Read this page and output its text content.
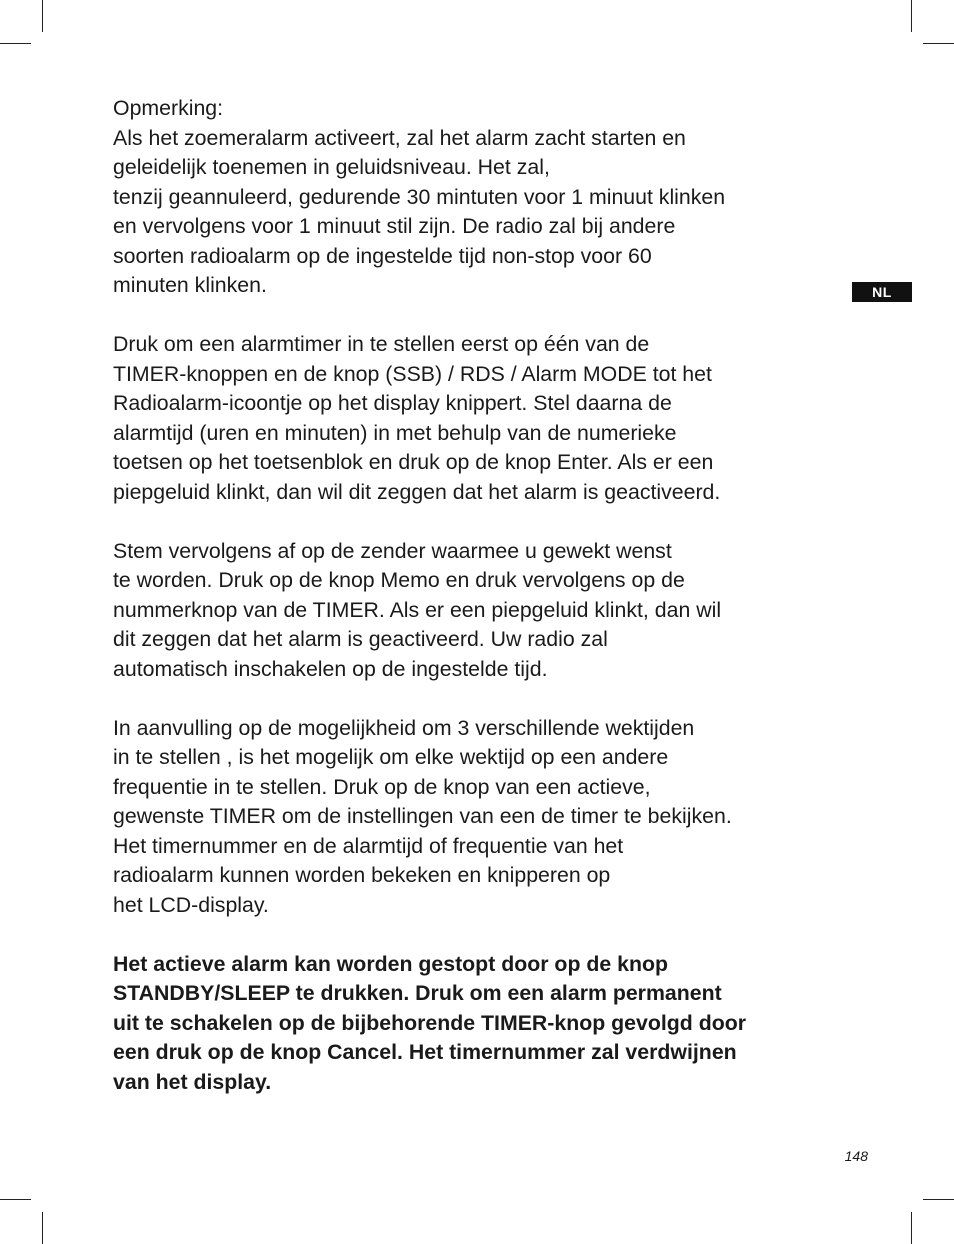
NL
Opmerking:
Als het zoemeralarm activeert, zal het alarm zacht starten en
geleidelijk toenemen in geluidsniveau. Het zal,
tenzij geannuleerd, gedurende 30 mintuten voor 1 minuut klinken
en vervolgens voor 1 minuut stil zijn. De radio zal bij andere
soorten radioalarm op de ingestelde tijd non-stop voor 60
minuten klinken.
Druk om een alarmtimer in te stellen eerst op één van de
TIMER-knoppen en de knop (SSB) / RDS / Alarm MODE tot het
Radioalarm-icoontje op het display knippert. Stel daarna de
alarmtijd (uren en minuten) in met behulp van de numerieke
toetsen op het toetsenblok en druk op de knop Enter. Als er een
piepgeluid klinkt, dan wil dit zeggen dat het alarm is geactiveerd.
Stem vervolgens af op de zender waarmee u gewekt wenst
te worden. Druk op de knop Memo en druk vervolgens op de
nummerknop van de TIMER. Als er een piepgeluid klinkt, dan wil
dit zeggen dat het alarm is geactiveerd. Uw radio zal
automatisch inschakelen op de ingestelde tijd.
In aanvulling op de mogelijkheid om 3 verschillende wektijden
in te stellen , is het mogelijk om elke wektijd op een andere
frequentie in te stellen. Druk op de knop van een actieve,
gewenste TIMER om de instellingen van een de timer te bekijken.
Het timernummer en de alarmtijd of frequentie van het
radioalarm kunnen worden bekeken en knipperen op
het LCD-display.
Het actieve alarm kan worden gestopt door op de knop
STANDBY/SLEEP te drukken. Druk om een alarm permanent
uit te schakelen op de bijbehorende TIMER-knop gevolgd door
een druk op de knop Cancel. Het timernummer zal verdwijnen
van het display.
148
